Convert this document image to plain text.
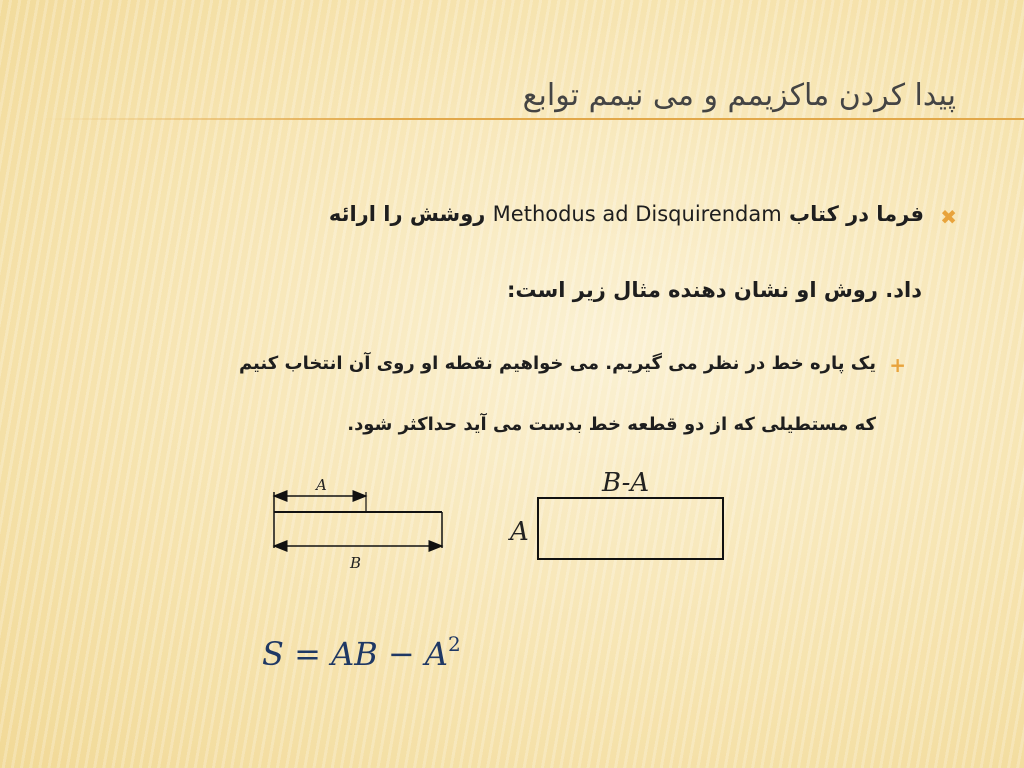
پیدا کردن ماکزیمم و می نیمم توابع
✖

فرما در کتاب Methodus ad Disquirendam روشش را ارائه

داد. روش او نشان دهنده مثال زیر است:

+

یک پاره خط در نظر می گیریم. می خواهیم نقطه او روی آن انتخاب کنیم

که مستطیلی که از دو قطعه خط بدست می آید حداکثر شود.

A
B
B-A
A
S = AB − $A^2$
